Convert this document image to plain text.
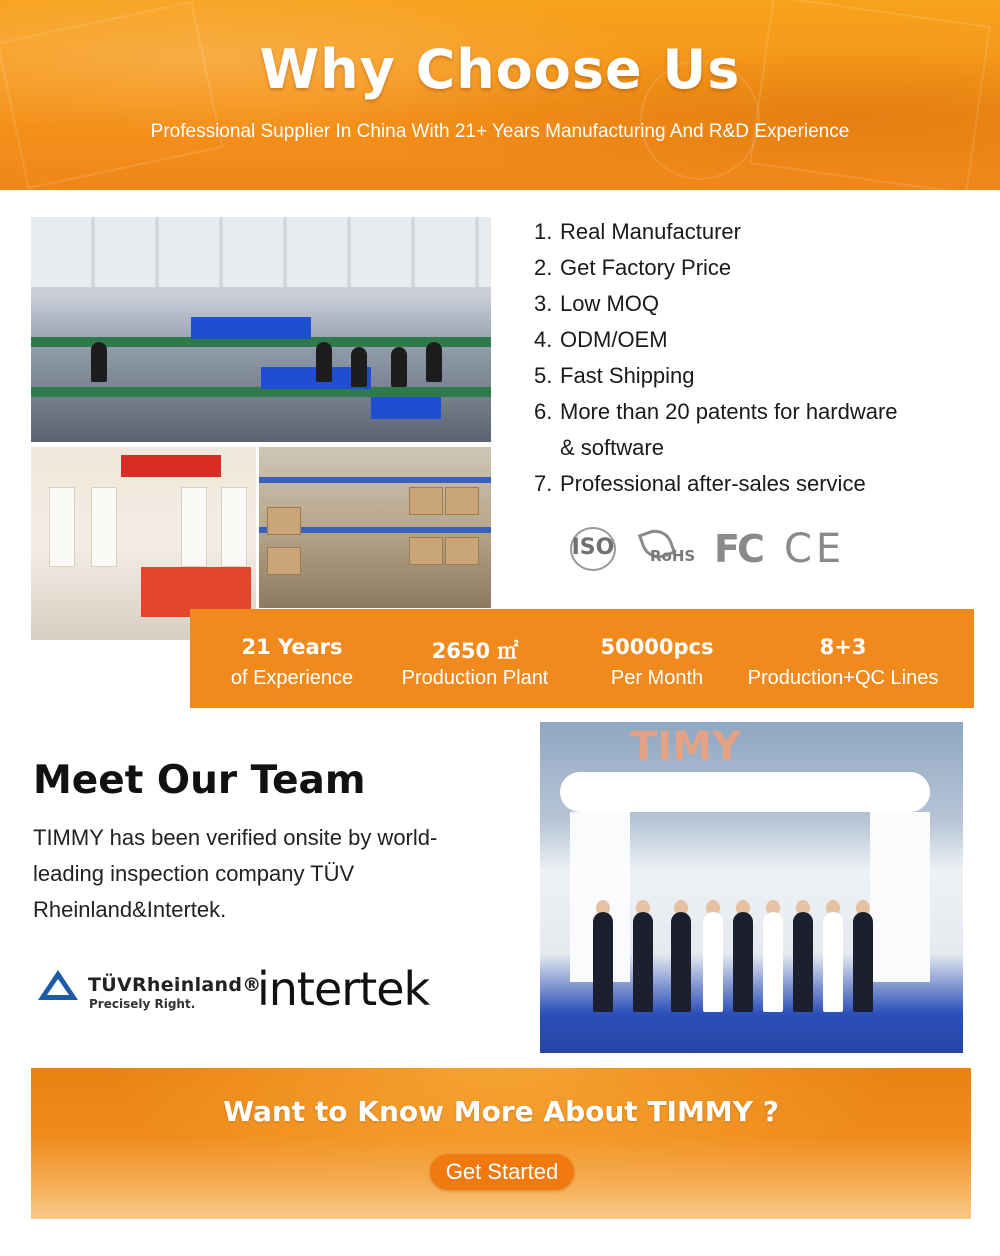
Why Choose Us

Professional Supplier In China With 21+ Years Manufacturing And R&D Experience

1. Real Manufacturer
2. Get Factory Price
3. Low MOQ
4. ODM/OEM
5. Fast Shipping
6. More than 20 patents for hardware
& software
7. Professional after-sales service
ISO	RoHS FC CE
21 Years
of Experience
2650 ㎡
Production Plant
50000pcs
Per Month
8+3
Production+QC Lines
Meet Our Team

TIMMY has been verified onsite by world-leading inspection company TÜV Rheinland&Intertek.

TÜVRheinland®
Precisely Right. intertek
TIMY
Want to Know More About TIMMY ?
Get Started
